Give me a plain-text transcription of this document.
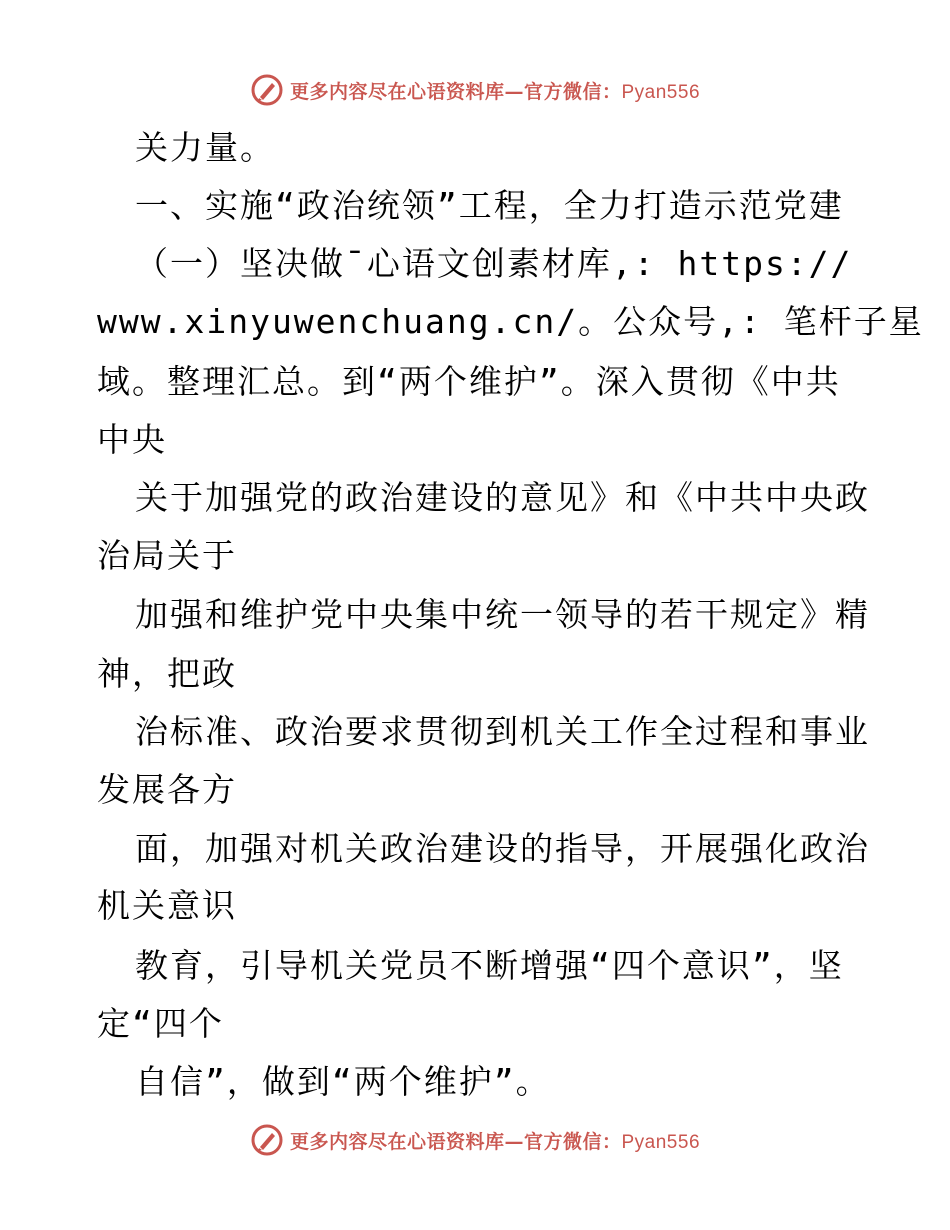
更多内容尽在心语资料库—官方微信：Pyan556
关力量。
一、实施“政治统领”工程，全力打造示范党建
（一）坚决做¯心语文创素材库,: https://
www.xinyuwenchuang.cn/。公众号,: 笔杆子星
域。整理汇总。到“两个维护”。深入贯彻《中共
中央
关于加强党的政治建设的意见》和《中共中央政
治局关于
加强和维护党中央集中统一领导的若干规定》精
神，把政
治标准、政治要求贯彻到机关工作全过程和事业
发展各方
面，加强对机关政治建设的指导，开展强化政治
机关意识
教育，引导机关党员不断增强“四个意识”，坚
定“四个
自信”，做到“两个维护”。
更多内容尽在心语资料库—官方微信：Pyan556
